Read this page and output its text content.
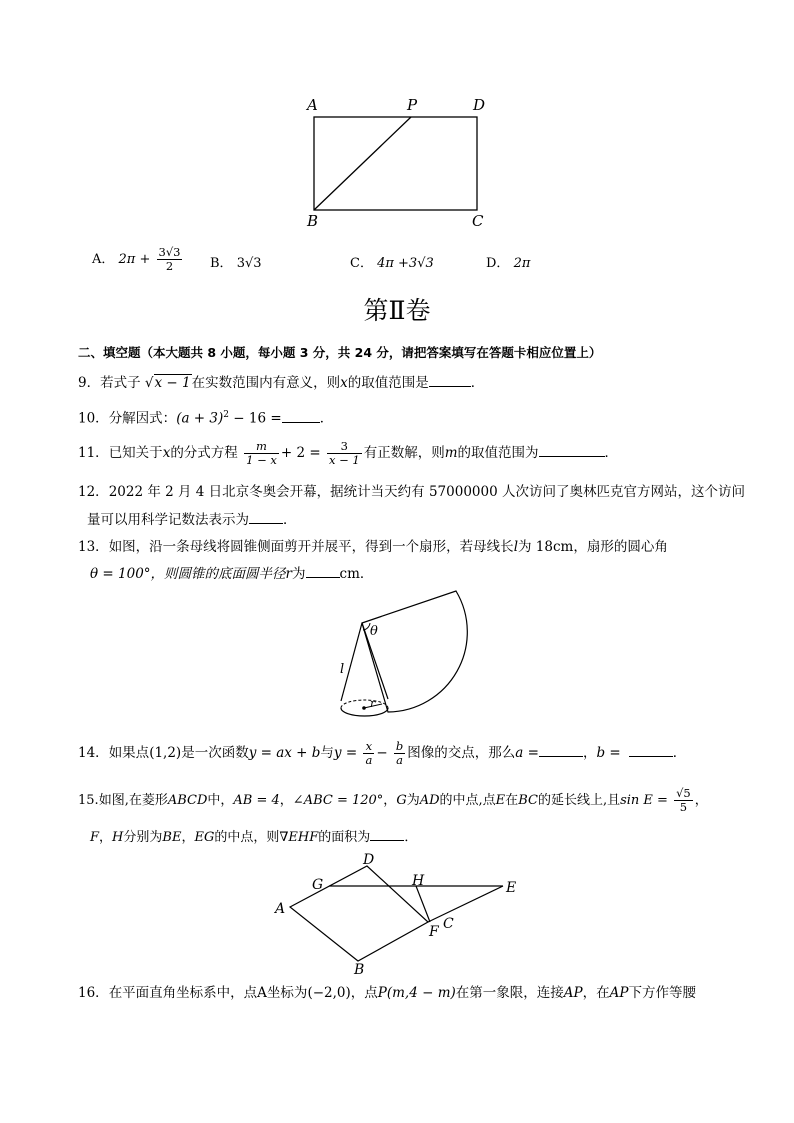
A	P	D
B	C
A． $2\pi + \frac{3√3}{2}$ B． 3√3	C． 4π +3√3	D． 2π
第Ⅱ卷
二、填空题（本大题共 8 小题，每小题 3 分，共 24 分，请把答案填写在答题卡相应位置上）
9．若式子 √x − 1在实数范围内有意义，则x的取值范围是	．
10．分解因式：$(a + 3)^2 - 16$ =	．
11．已知关于x的分式方程 $\frac{m}{1 - x} + 2 = \frac{3}{x - 1}$ 有正数解，则m的取值范围为	．
12．2022 年 2 月 4 日北京冬奥会开幕，据统计当天约有 57000000 人次访问了奥林匹克官方网站，这个访问
量可以用科学记数法表示为	．
13．如图，沿一条母线将圆锥侧面剪开并展平，得到一个扇形，若母线长l为 18cm，扇形的圆心角
θ = 100°，则圆锥的底面圆半径r为	cm．
θ
l
r
14．如果点(1,2)是一次函数y = ax + b与$y = \frac{x}{a} - \frac{b}{a}$ 图像的交点，那么a =	，b =	．
15.如图,在菱形ABCD中，AB = 4，∠ABC = 120°，G为AD的中点,点E在BC的延长线上,且$\sin E = \frac{√5}{5}$ ，
F，H分别为BE，EG的中点，则∇EHF的面积为	．
D
G	H	E
A
C
F
B
16．在平面直角坐标系中，点A坐标为(−2,0)，点P(m,4 − m)在第一象限，连接AP，在AP下方作等腰
